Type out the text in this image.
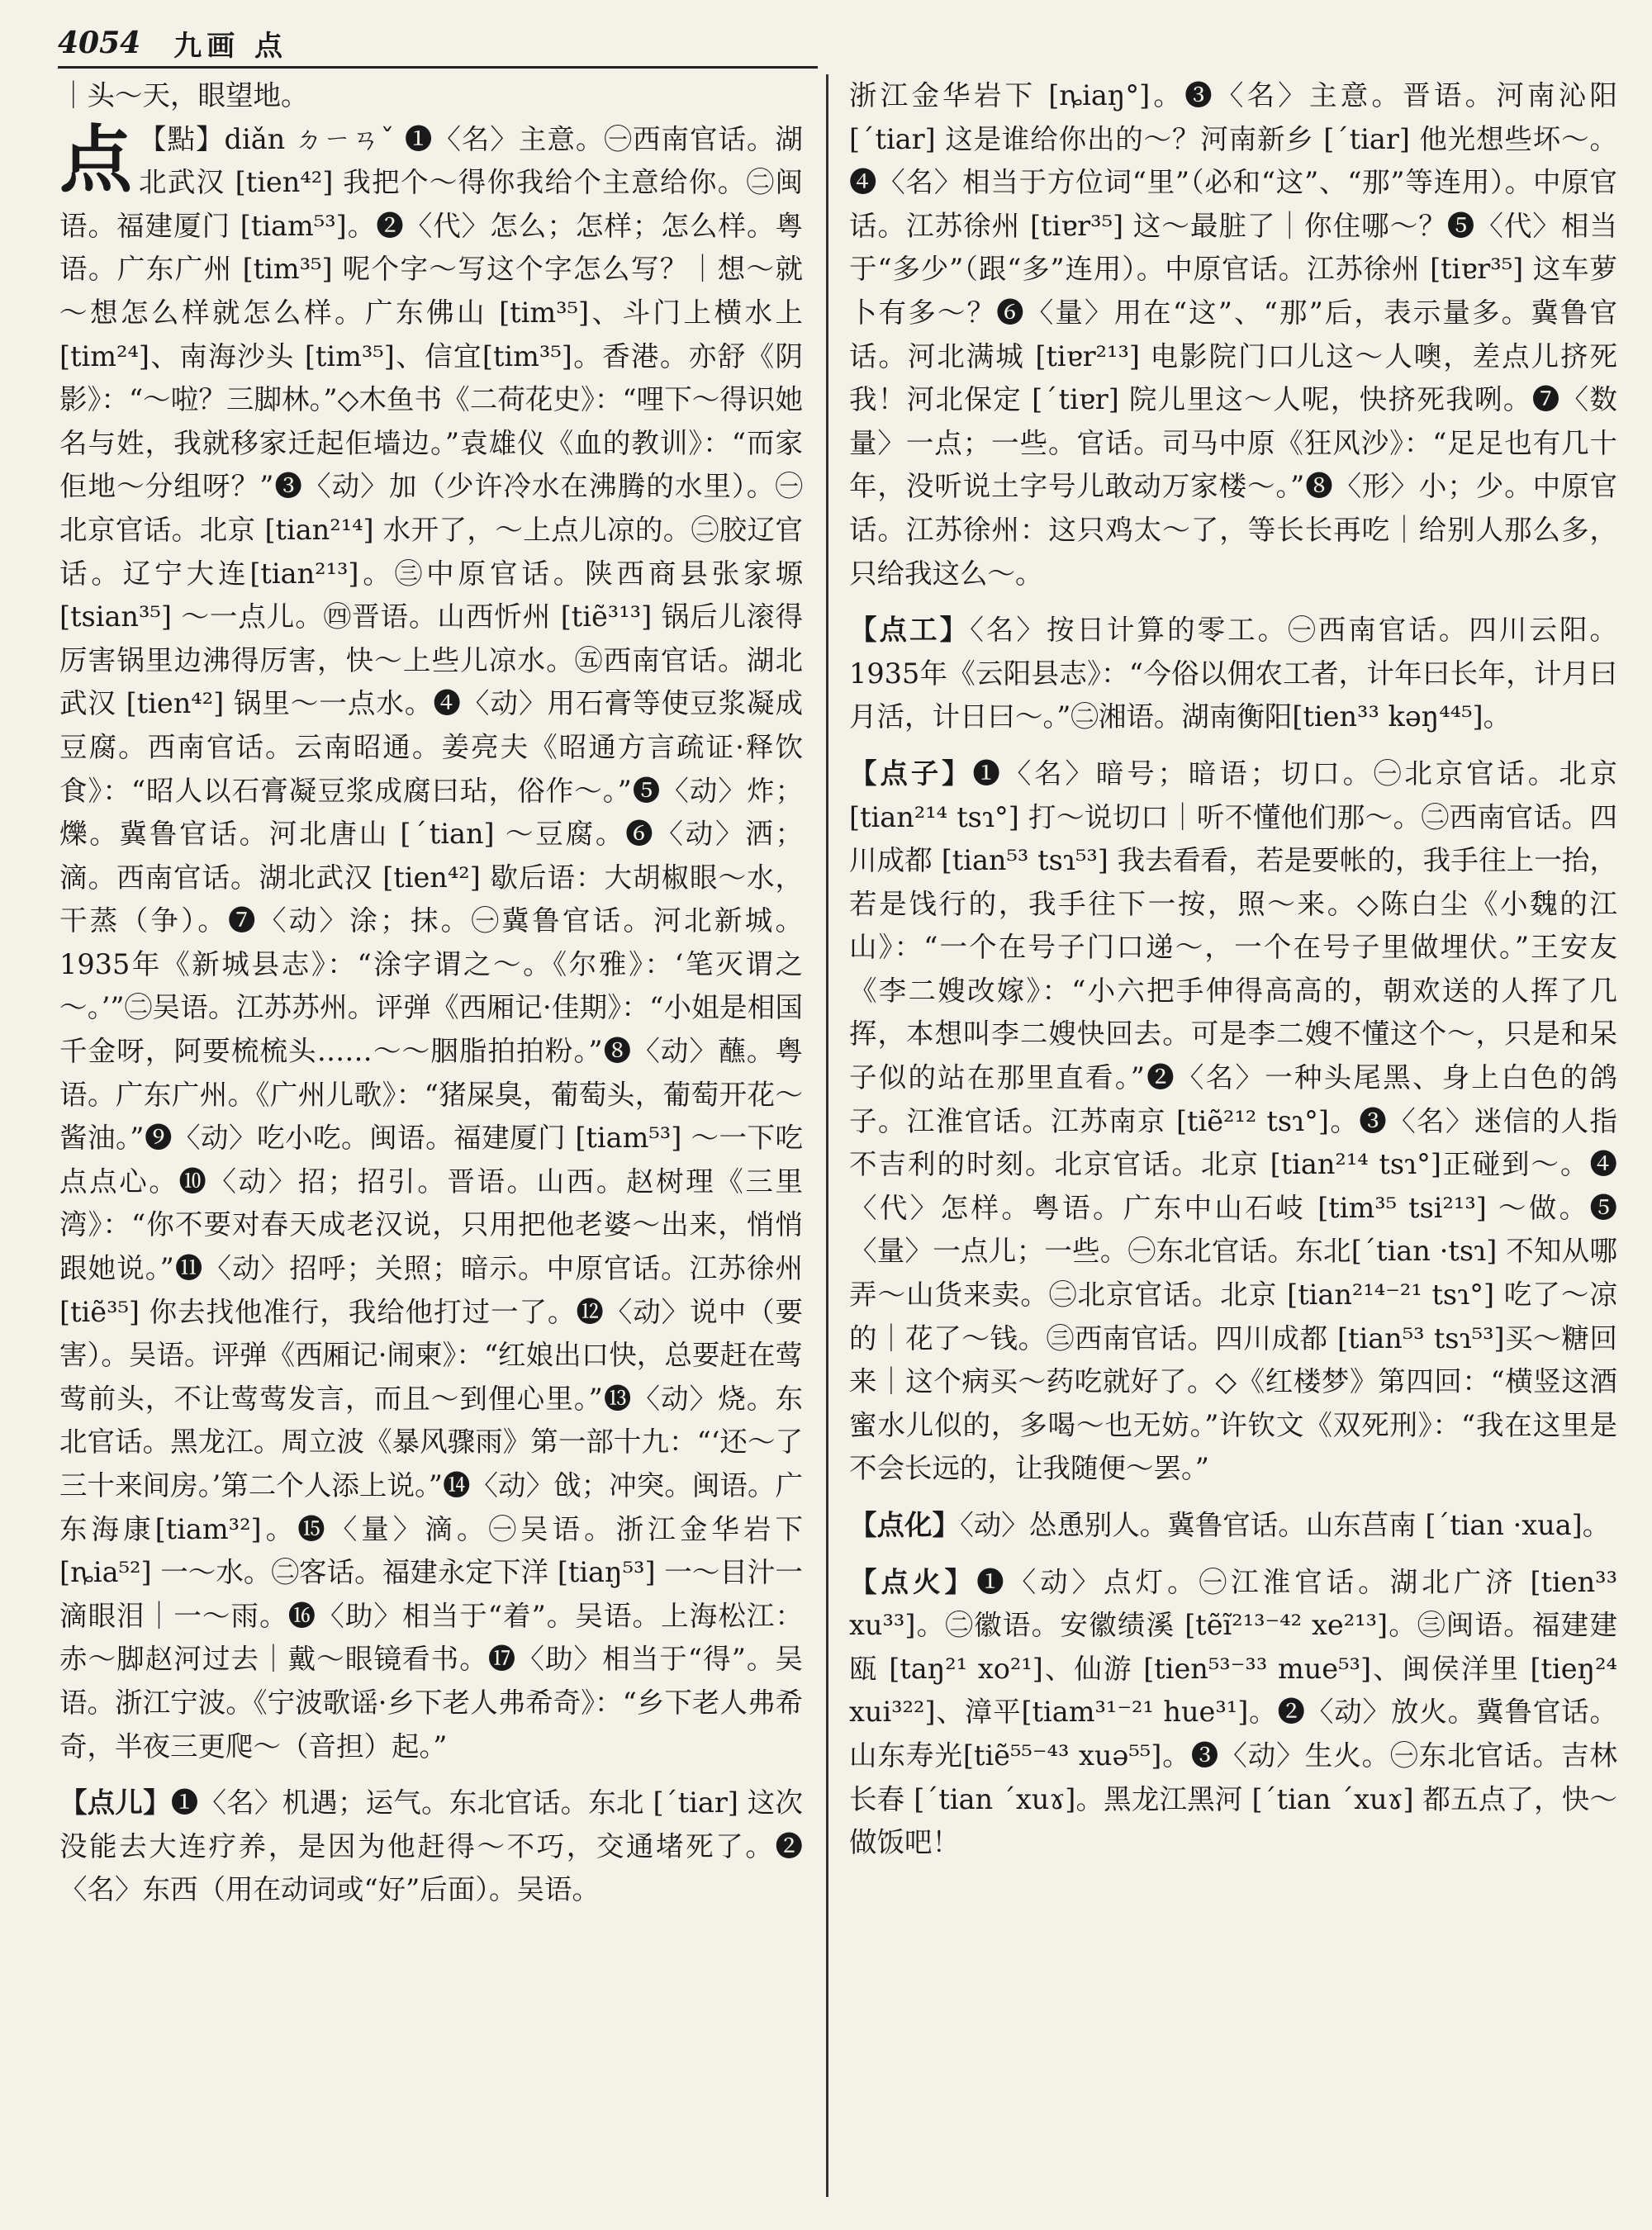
4054 九画 点

｜头～天，眼望地。

点 【點】diǎn ㄉㄧㄢˇ ❶〈名〉主意。㊀西南官话。湖北武汉 [tien⁴²] 我把个～得你我给个主意给你。㊁闽语。福建厦门 [tiam⁵³]。❷〈代〉怎么；怎样；怎么样。粤语。广东广州 [tim³⁵] 呢个字～写这个字怎么写？｜想～就～想怎么样就怎么样。广东佛山 [tim³⁵]、斗门上横水上 [tim²⁴]、南海沙头 [tim³⁵]、信宜[tim³⁵]。香港。亦舒《阴影》：“～啦？三脚林。”◇木鱼书《二荷花史》：“哩下～得识她名与姓，我就移家迁起佢墙边。”袁雄仪《血的教训》：“而家佢地～分组呀？”❸〈动〉加（少许冷水在沸腾的水里）。㊀北京官话。北京 [tian²¹⁴] 水开了，～上点儿凉的。㊁胶辽官话。辽宁大连[tian²¹³]。㊂中原官话。陕西商县张家塬 [tsian³⁵] ～一点儿。㊃晋语。山西忻州 [tiẽ³¹³] 锅后儿滚得厉害锅里边沸得厉害，快～上些儿凉水。㊄西南官话。湖北武汉 [tien⁴²] 锅里～一点水。❹〈动〉用石膏等使豆浆凝成豆腐。西南官话。云南昭通。姜亮夫《昭通方言疏证·释饮食》：“昭人以石膏凝豆浆成腐曰玷，俗作～。”❺〈动〉炸；爍。冀鲁官话。河北唐山 [ˊtian] ～豆腐。❻〈动〉洒；滴。西南官话。湖北武汉 [tien⁴²] 歇后语：大胡椒眼～水，干蒸（争）。❼〈动〉涂；抹。㊀冀鲁官话。河北新城。1935年《新城县志》：“涂字谓之～。《尔雅》：‘笔灭谓之～。’”㊁吴语。江苏苏州。评弹《西厢记·佳期》：“小姐是相国千金呀，阿要梳梳头……～～胭脂拍拍粉。”❽〈动〉蘸。粤语。广东广州。《广州儿歌》：“猪屎臭，葡萄头，葡萄开花～酱油。”❾〈动〉吃小吃。闽语。福建厦门 [tiam⁵³] ～一下吃点点心。❿〈动〉招；招引。晋语。山西。赵树理《三里湾》：“你不要对春天成老汉说，只用把他老婆～出来，悄悄跟她说。”⓫〈动〉招呼；关照；暗示。中原官话。江苏徐州 [tiẽ³⁵] 你去找他准行，我给他打过一了。⓬〈动〉说中（要害）。吴语。评弹《西厢记·闹柬》：“红娘出口快，总要赶在莺莺前头，不让莺莺发言，而且～到俚心里。”⓭〈动〉烧。东北官话。黑龙江。周立波《暴风骤雨》第一部十九：“‘还～了三十来间房。’第二个人添上说。”⓮〈动〉戗；冲突。闽语。广东海康[tiam³²]。⓯〈量〉滴。㊀吴语。浙江金华岩下 [ȵia⁵²] 一～水。㊁客话。福建永定下洋 [tiaŋ⁵³] 一～目汁一滴眼泪｜一～雨。⓰〈助〉相当于“着”。吴语。上海松江：赤～脚赵河过去｜戴～眼镜看书。⓱〈助〉相当于“得”。吴语。浙江宁波。《宁波歌谣·乡下老人弗希奇》：“乡下老人弗希奇，半夜三更爬～（音担）起。”

【点儿】❶〈名〉机遇；运气。东北官话。东北 [ˊtiar] 这次没能去大连疗养，是因为他赶得～不巧，交通堵死了。❷〈名〉东西（用在动词或“好”后面）。吴语。

浙江金华岩下 [ȵiaŋ°]。❸〈名〉主意。晋语。河南沁阳 [ˊtiar] 这是谁给你出的～？河南新乡 [ˊtiar] 他光想些坏～。❹〈名〉相当于方位词“里”（必和“这”、“那”等连用）。中原官话。江苏徐州 [tiɐr³⁵] 这～最脏了｜你住哪～？❺〈代〉相当于“多少”（跟“多”连用）。中原官话。江苏徐州 [tiɐr³⁵] 这车萝卜有多～？❻〈量〉用在“这”、“那”后，表示量多。冀鲁官话。河北满城 [tiɐr²¹³] 电影院门口儿这～人噢，差点儿挤死我！河北保定 [ˊtiɐr] 院儿里这～人呢，快挤死我咧。❼〈数量〉一点；一些。官话。司马中原《狂风沙》：“足足也有几十年，没听说土字号儿敢动万家楼～。”❽〈形〉小；少。中原官话。江苏徐州：这只鸡太～了，等长长再吃｜给别人那么多，只给我这么～。

【点工】〈名〉按日计算的零工。㊀西南官话。四川云阳。1935年《云阳县志》：“今俗以佣农工者，计年曰长年，计月曰月活，计日曰～。”㊁湘语。湖南衡阳[tien³³ kəŋ⁴⁴⁵]。

【点子】❶〈名〉暗号；暗语；切口。㊀北京官话。北京 [tian²¹⁴ tsɿ°] 打～说切口｜听不懂他们那～。㊁西南官话。四川成都 [tian⁵³ tsɿ⁵³] 我去看看，若是要帐的，我手往上一抬，若是饯行的，我手往下一按，照～来。◇陈白尘《小魏的江山》：“一个在号子门口递～，一个在号子里做埋伏。”王安友《李二嫂改嫁》：“小六把手伸得高高的，朝欢送的人挥了几挥，本想叫李二嫂快回去。可是李二嫂不懂这个～，只是和呆子似的站在那里直看。”❷〈名〉一种头尾黑、身上白色的鸽子。江淮官话。江苏南京 [tiẽ²¹² tsɿ°]。❸〈名〉迷信的人指不吉利的时刻。北京官话。北京 [tian²¹⁴ tsɿ°]正碰到～。❹〈代〉怎样。粤语。广东中山石岐 [tim³⁵ tsi²¹³] ～做。❺〈量〉一点儿；一些。㊀东北官话。东北[ˊtian ·tsɿ] 不知从哪弄～山货来卖。㊁北京官话。北京 [tian²¹⁴⁻²¹ tsɿ°] 吃了～凉的｜花了～钱。㊂西南官话。四川成都 [tian⁵³ tsɿ⁵³]买～糖回来｜这个病买～药吃就好了。◇《红楼梦》第四回：“横竖这酒蜜水儿似的，多喝～也无妨。”许钦文《双死刑》：“我在这里是不会长远的，让我随便～罢。”

【点化】〈动〉怂恿别人。冀鲁官话。山东莒南 [ˊtian ·xua]。

【点火】❶〈动〉点灯。㊀江淮官话。湖北广济 [tien³³ xu³³]。㊁徽语。安徽绩溪 [tẽĩ²¹³⁻⁴² xe²¹³]。㊂闽语。福建建瓯 [taŋ²¹ xo²¹]、仙游 [tien⁵³⁻³³ mue⁵³]、闽侯洋里 [tieŋ²⁴ xui³²²]、漳平[tiam³¹⁻²¹ hue³¹]。❷〈动〉放火。冀鲁官话。山东寿光[tiẽ⁵⁵⁻⁴³ xuə⁵⁵]。❸〈动〉生火。㊀东北官话。吉林长春 [ˊtian ˊxuɤ]。黑龙江黑河 [ˊtian ˊxuɤ] 都五点了，快～做饭吧！
